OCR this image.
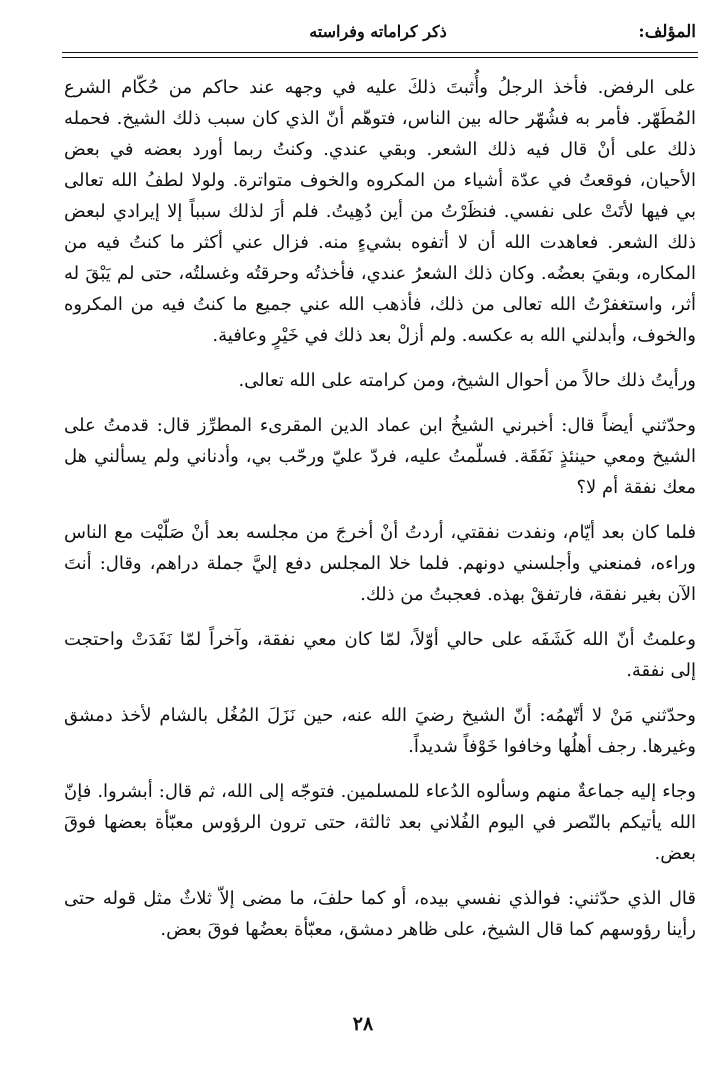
المؤلف:
ذكر كراماته وفراسته

على الرفض. فأخذ الرجلُ وأُثبتَ ذلكَ عليه في وجهه عند حاكم من حُكّام الشرع المُطَهّر. فأمر به فشُهّر حاله بين الناس، فتوهّم أنّ الذي كان سبب ذلك الشيخ. فحمله ذلك على أنْ قال فيه ذلك الشعر. وبقي عندي. وكنتُ ربما أورد بعضه في بعض الأحيان، فوقعتُ في عدّة أشياء من المكروه والخوف متواترة. ولولا لطفُ الله تعالى بي فيها لأتَتْ على نفسي. فنظَرْتُ من أين دُهِيتُ. فلم أرَ لذلك سبباً إلا إيرادي لبعض ذلك الشعر. فعاهدت الله أن لا أتفوه بشيءٍ منه. فزال عني أكثر ما كنتُ فيه من المكاره، وبقيَ بعضُه. وكان ذلك الشعرُ عندي، فأخذتُه وحرقتُه وغسلتُه، حتى لم يَبْقَ له أثر، واستغفرْتُ الله تعالى من ذلك، فأذهب الله عني جميع ما كنتُ فيه من المكروه والخوف، وأبدلني الله به عكسه. ولم أزلْ بعد ذلك في خَيْرٍ وعافية.

ورأيتُ ذلك حالاً من أحوال الشيخ، ومن كرامته على الله تعالى.

وحدّثني أيضاً قال: أخبرني الشيخُ ابن عماد الدين المقرىء المطرِّز قال: قدمتُ على الشيخ ومعي حينئذٍ نَفَقَة. فسلّمتُ عليه، فردّ عليّ ورحّب بي، وأدناني ولم يسألني هل معك نفقة أم لا؟

فلما كان بعد أيّام، ونفدت نفقتي، أردتُ أنْ أخرجَ من مجلسه بعد أنْ صَلّيْت مع الناس وراءه، فمنعني وأجلسني دونهم. فلما خلا المجلس دفع إليَّ جملة دراهم، وقال: أنتَ الآن بغير نفقة، فارتفقْ بهذه. فعجبتُ من ذلك.

وعلمتُ أنّ الله كَشَفَه على حالي أوّلاً، لمّا كان معي نفقة، وآخراً لمّا نَفَدَتْ واحتجت إلى نفقة.

وحدّثني مَنْ لا أتّهمُه: أنّ الشيخ رضيَ الله عنه، حين نَزَلَ المُغُل بالشام لأخذ دمشق وغيرها. رجف أهلُها وخافوا خَوْفاً شديداً.

وجاء إليه جماعةٌ منهم وسألوه الدُعاء للمسلمين. فتوجّه إلى الله، ثم قال: أبشروا. فإنّ الله يأتيكم بالنّصر في اليوم الفُلاني بعد ثالثة، حتى ترون الرؤوس معبّأة بعضها فوقَ بعض.

قال الذي حدّثني: فوالذي نفسي بيده، أو كما حلفَ، ما مضى إلاّ ثلاثٌ مثل قوله حتى رأينا رؤوسهم كما قال الشيخ، على ظاهر دمشق، معبّأة بعضُها فوقَ بعض.

٢٨
